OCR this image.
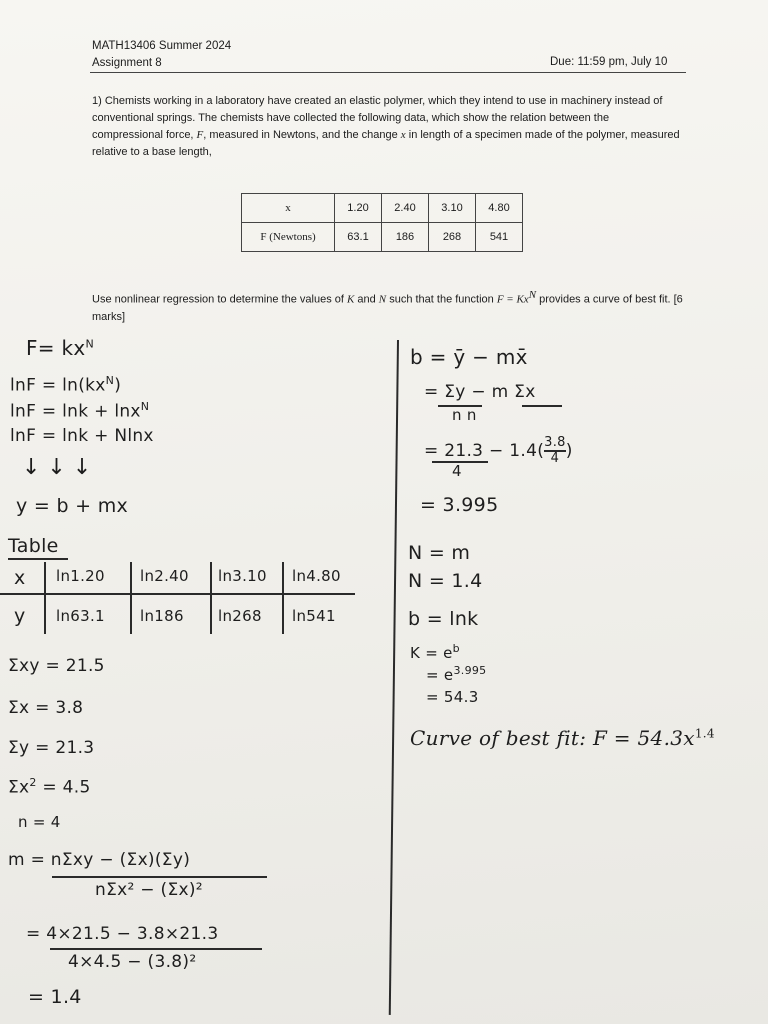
MATH13406 Summer 2024
Assignment 8	Due: 11:59 pm, July 10
1) Chemists working in a laboratory have created an elastic polymer, which they intend to use in machinery instead of conventional springs. The chemists have collected the following data, which show the relation between the compressional force, F, measured in Newtons, and the change x in length of a specimen made of the polymer, measured relative to a base length,
x	1.20	2.40	3.10	4.80
F (Newtons)	63.1	186	268	541
Use nonlinear regression to determine the values of K and N such that the function $F = Kx^N$ provides a curve of best fit. [6 marks]
$F= kx^N$
$\ln F = \ln(kx^N)$
lnF = lnk + lnx$^N$
lnF = lnk + Nlnx
↓ ↓ ↓
y = b + mx
Table
x ln1.20 ln2.40 ln3.10 ln4.80
y ln63.1 ln186 ln268 ln541
Σxy = 21.5
Σx = 3.8
Σy = 21.3
$\Sigma x^2 = 4.5$
n = 4
m = nΣxy − (Σx)(Σy)
nΣx² − (Σx)²
= 4×21.5 − 3.8×21.3
4×4.5 − (3.8)²
= 1.4
b = ȳ − mx̄
= Σy − m Σx
n n
= $21.3 - 1.4( \frac{3.8}{4}$ )
4
= 3.995
N = m
N = 1.4
b = lnk
$K = e^b$
= $e^{3.995}$
= 54.3
Curve of best fit: $F = 54.3x^{1.4}$
